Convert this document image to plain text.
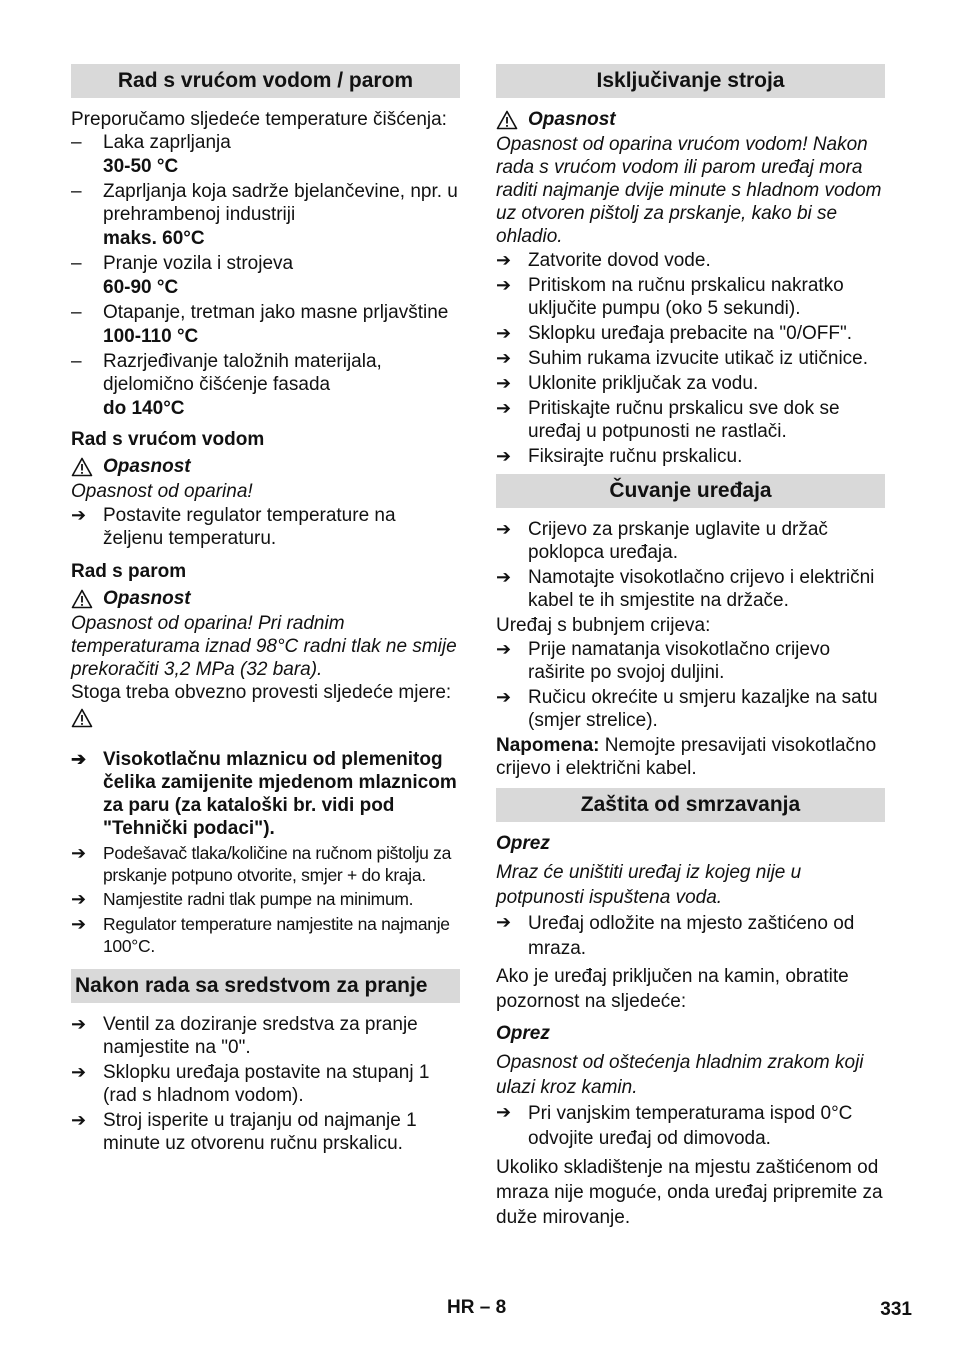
Rad s vrućom vodom / parom

Preporučamo sljedeće temperature čišćenja:

–	Laka zaprljanja
30-50 °C
–	Zaprljanja koja sadrže bjelančevine, npr. u prehrambenoj industriji
maks. 60°C
–	Pranje vozila i strojeva
60-90 °C
–	Otapanje, tretman jako masne prljavštine
100-110 °C
–	Razrjeđivanje taložnih materijala, djelomično čišćenje fasada
do 140°C
Rad s vrućom vodom
Opasnost

Opasnost od oparina!

➔ Postavite regulator temperature na željenu temperaturu.
Rad s parom
Opasnost

Opasnost od oparina! Pri radnim temperaturama iznad 98°C radni tlak ne smije prekoračiti 3,2 MPa (32 bara).

Stoga treba obvezno provesti sljedeće mjere:

➔ Visokotlačnu mlaznicu od plemenitog čelika zamijenite mjedenom mlaznicom za paru (za kataloški br. vidi pod "Tehnički podaci").
➔ Podešavač tlaka/količine na ručnom pištolju za prskanje potpuno otvorite, smjer + do kraja.
➔ Namjestite radni tlak pumpe na minimum.
➔ Regulator temperature namjestite na najmanje 100°C.
Nakon rada sa sredstvom za pranje
➔ Ventil za doziranje sredstva za pranje namjestite na "0".
➔ Sklopku uređaja postavite na stupanj 1 (rad s hladnom vodom).
➔ Stroj isperite u trajanju od najmanje 1 minute uz otvorenu ručnu prskalicu.
Isključivanje stroja
Opasnost

Opasnost od oparina vrućom vodom! Nakon rada s vrućom vodom ili parom uređaj mora raditi najmanje dvije minute s hladnom vodom uz otvoren pištolj za prskanje, kako bi se ohladio.

➔ Zatvorite dovod vode.
➔ Pritiskom na ručnu prskalicu nakratko uključite pumpu (oko 5 sekundi).
➔ Sklopku uređaja prebacite na "0/OFF".
➔ Suhim rukama izvucite utikač iz utičnice.
➔ Uklonite priključak za vodu.
➔ Pritiskajte ručnu prskalicu sve dok se uređaj u potpunosti ne rastlači.
➔ Fiksirajte ručnu prskalicu.
Čuvanje uređaja
➔ Crijevo za prskanje uglavite u držač poklopca uređaja.
➔ Namotajte visokotlačno crijevo i električni kabel te ih smjestite na držače.

Uređaj s bubnjem crijeva:

➔ Prije namatanja visokotlačno crijevo raširite po svojoj duljini.
➔ Ručicu okrećite u smjeru kazaljke na satu (smjer strelice).

Napomena: Nemojte presavijati visokotlačno crijevo i električni kabel.

Zaštita od smrzavanja

Oprez

Mraz će uništiti uređaj iz kojeg nije u potpunosti ispuštena voda.

➔ Uređaj odložite na mjesto zaštićeno od mraza.

Ako je uređaj priključen na kamin, obratite pozornost na sljedeće:

Oprez

Opasnost od oštećenja hladnim zrakom koji ulazi kroz kamin.

➔ Pri vanjskim temperaturama ispod 0°C odvojite uređaj od dimovoda.

Ukoliko skladištenje na mjestu zaštićenom od mraza nije moguće, onda uređaj pripremite za duže mirovanje.

HR – 8	331
